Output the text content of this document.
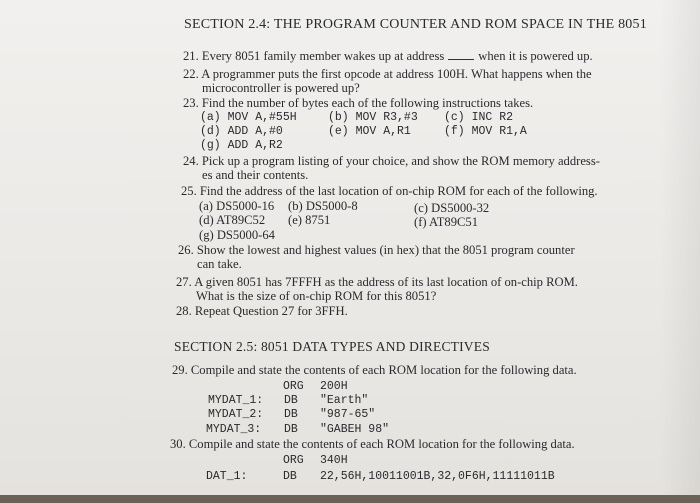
SECTION 2.4: THE PROGRAM COUNTER AND ROM SPACE IN THE 8051
21. Every 8051 family member wakes up at address	when it is powered up.
22. A programmer puts the first opcode at address 100H. What happens when the
microcontroller is powered up?
23. Find the number of bytes each of the following instructions takes.
(a) MOV A,#55H	(b) MOV R3,#3 (c) INC R2
(d) ADD A,#0	(e) MOV A,R1	(f) MOV R1,A
(g) ADD A,R2
24. Pick up a program listing of your choice, and show the ROM memory address-
es and their contents.
25. Find the address of the last location of on-chip ROM for each of the following.
(a) DS5000-16 (b) DS5000-8	(c) DS5000-32
(d) AT89C52 (e) 8751	(f) AT89C51
(g) DS5000-64
26. Show the lowest and highest values (in hex) that the 8051 program counter
can take.
27. A given 8051 has 7FFFH as the address of its last location of on-chip ROM.
What is the size of on-chip ROM for this 8051?
28. Repeat Question 27 for 3FFH.
SECTION 2.5: 8051 DATA TYPES AND DIRECTIVES
29. Compile and state the contents of each ROM location for the following data.
ORG 200H
MYDAT_1: DB "Earth"
MYDAT_2: DB "987-65"
MYDAT_3: DB "GABEH 98"
30. Compile and state the contents of each ROM location for the following data.
ORG 340H
DAT_1:	DB 22,56H,10011001B,32,0F6H,11111011B
